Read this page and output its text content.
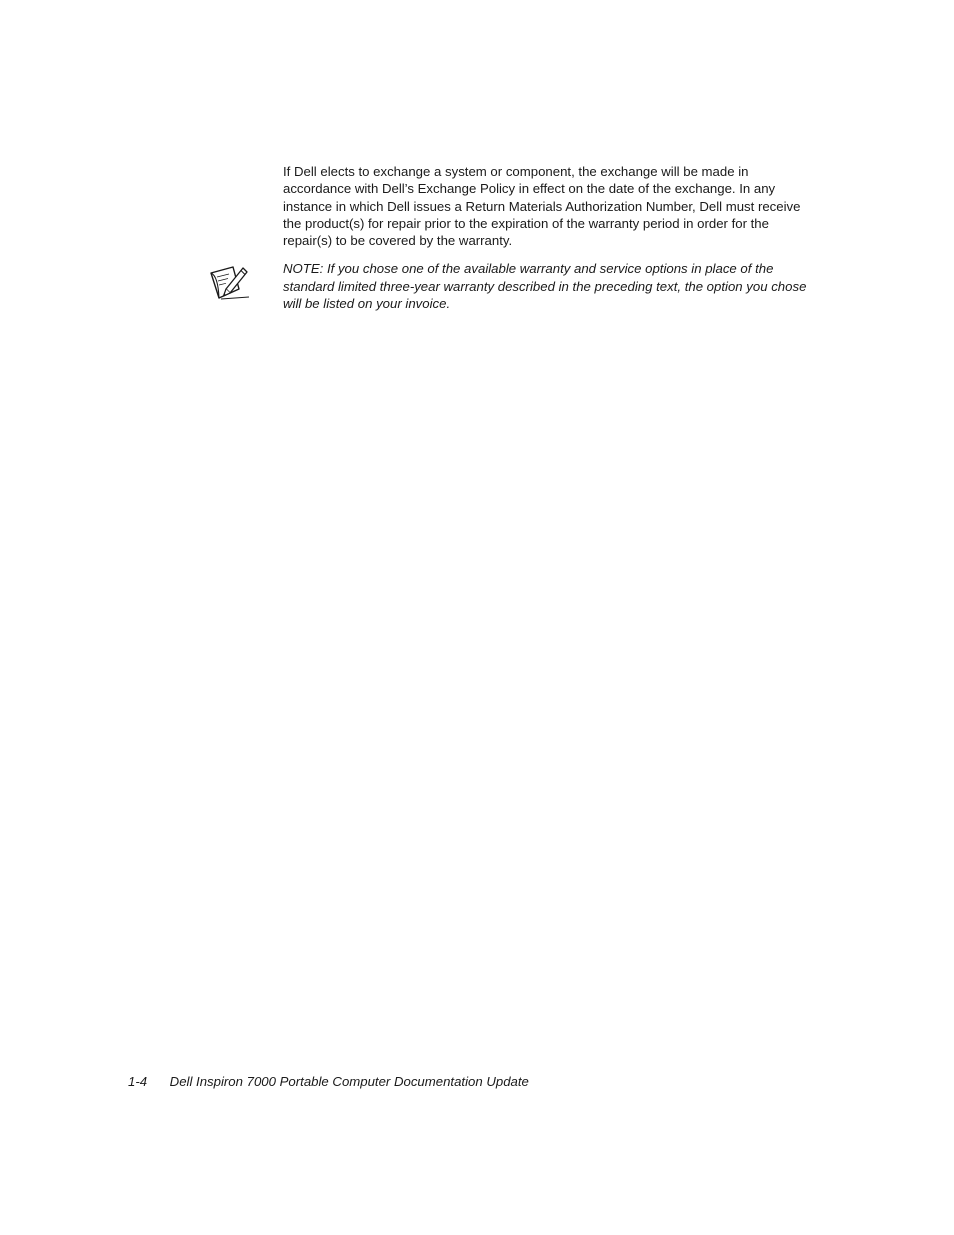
If Dell elects to exchange a system or component, the exchange will be made in accordance with Dell’s Exchange Policy in effect on the date of the exchange. In any instance in which Dell issues a Return Materials Authorization Number, Dell must receive the product(s) for repair prior to the expiration of the warranty period in order for the repair(s) to be covered by the warranty.

NOTE: If you chose one of the available warranty and service options in place of the standard limited three-year warranty described in the preceding text, the option you chose will be listed on your invoice.

1-4 Dell Inspiron 7000 Portable Computer Documentation Update
